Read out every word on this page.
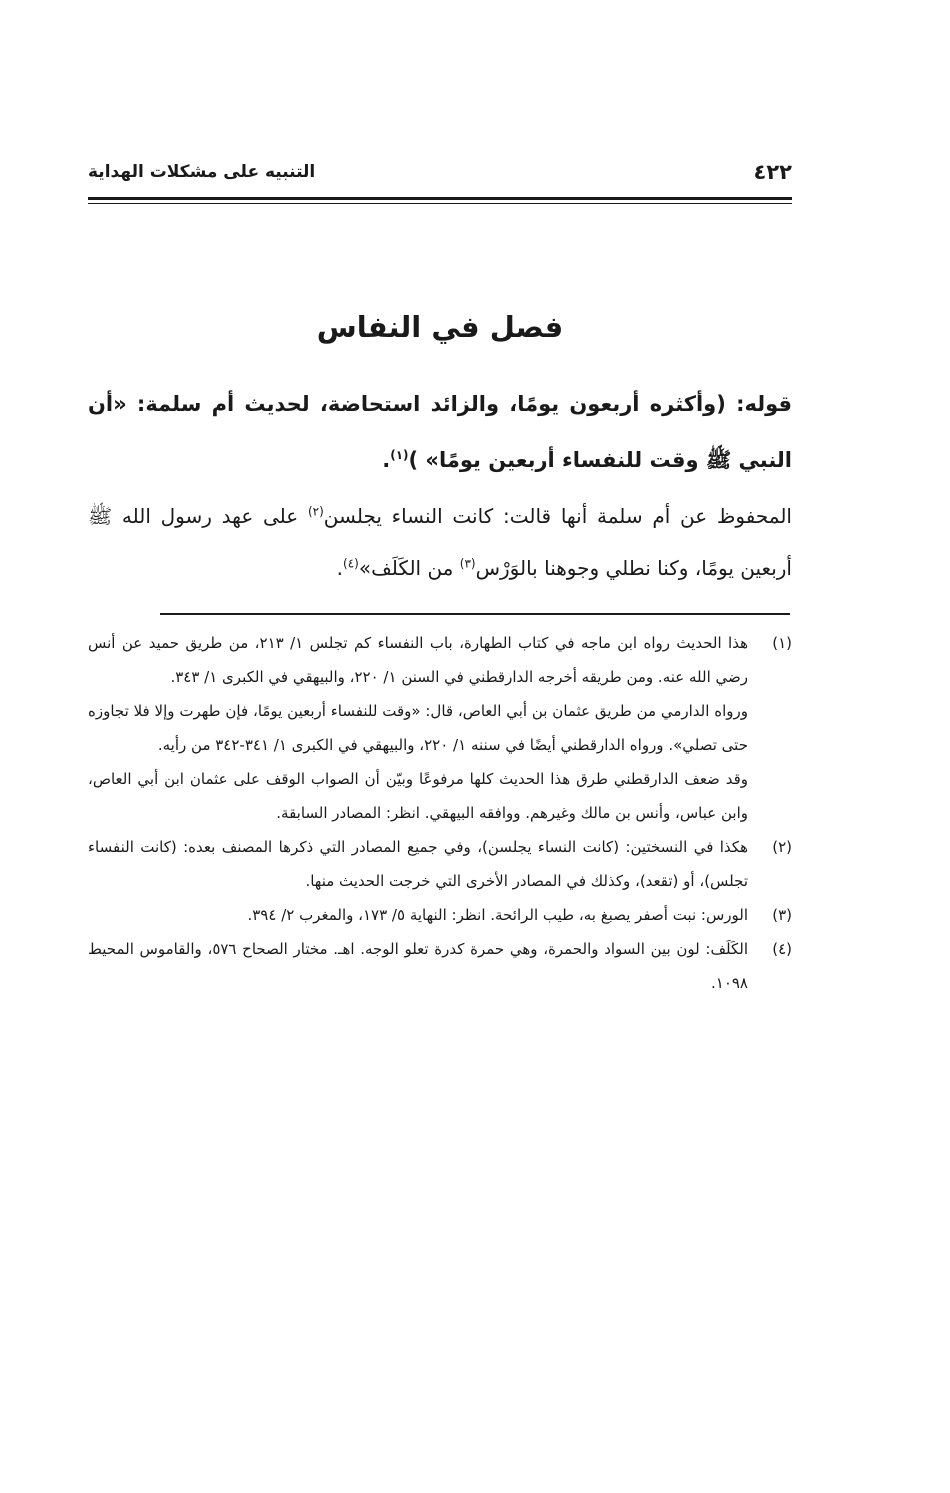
٤٢٢
التنبيه على مشكلات الهداية
فصل في النفاس
قوله: (وأكثره أربعون يومًا، والزائد استحاضة، لحديث أم سلمة: «أن النبي ﷺ وقت للنفساء أربعين يومًا» )$^{(١)}$.
المحفوظ عن أم سلمة أنها قالت: كانت النساء يجلسن$^{(٢)}$ على عهد رسول الله ﷺ أربعين يومًا، وكنا نطلي وجوهنا بالوَرْس$^{(٣)}$ من الكَلَف»$^{(٤)}$.
(١)

هذا الحديث رواه ابن ماجه في كتاب الطهارة، باب النفساء كم تجلس ١/ ٢١٣، من طريق حميد عن أنس رضي الله عنه. ومن طريقه أخرجه الدارقطني في السنن ١/ ٢٢٠، والبيهقي في الكبرى ١/ ٣٤٣.

ورواه الدارمي من طريق عثمان بن أبي العاص، قال: «وقت للنفساء أربعين يومًا، فإن طهرت وإلا فلا تجاوزه حتى تصلي». ورواه الدارقطني أيضًا في سننه ١/ ٢٢٠، والبيهقي في الكبرى ١/ ٣٤١-٣٤٢ من رأيه.

وقد ضعف الدارقطني طرق هذا الحديث كلها مرفوعًا وبيّن أن الصواب الوقف على عثمان ابن أبي العاص، وابن عباس، وأنس بن مالك وغيرهم. ووافقه البيهقي. انظر: المصادر السابقة.

(٢)

هكذا في النسختين: (كانت النساء يجلسن)، وفي جميع المصادر التي ذكرها المصنف بعده: (كانت النفساء تجلس)، أو (تقعد)، وكذلك في المصادر الأخرى التي خرجت الحديث منها.

(٣)

الورس: نبت أصفر يصبغ به، طيب الرائحة. انظر: النهاية ٥/ ١٧٣، والمغرب ٢/ ٣٩٤.

(٤)

الكَلَف: لون بين السواد والحمرة، وهي حمرة كدرة تعلو الوجه. اهـ. مختار الصحاح ٥٧٦، والقاموس المحيط ١٠٩٨.
